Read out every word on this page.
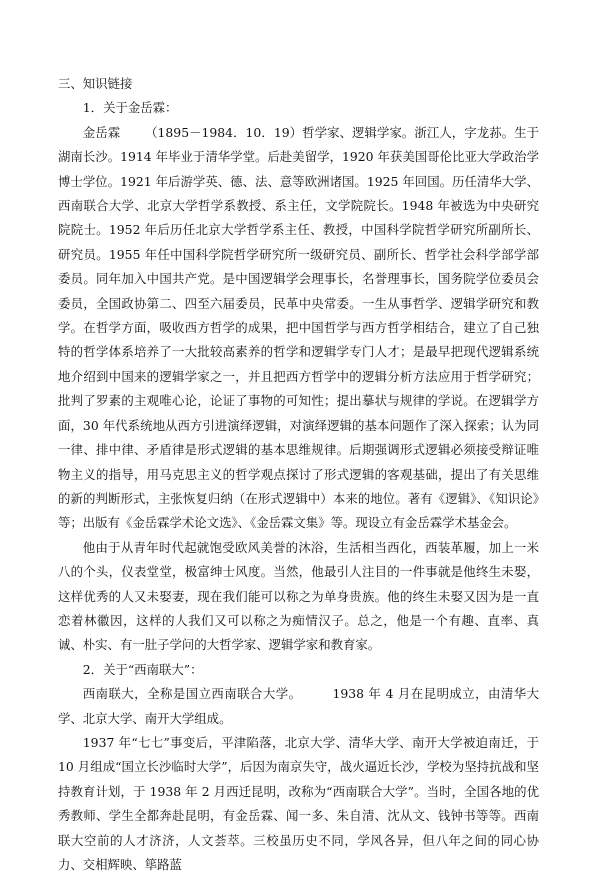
三、知识链接

1．关于金岳霖：

金岳霖 （1895－1984．10．19）哲学家、逻辑学家。浙江人，字龙荪。生于湖南长沙。1914 年毕业于清华学堂。后赴美留学，1920 年获美国哥伦比亚大学政治学博士学位。1921 年后游学英、德、法、意等欧洲诸国。1925 年回国。历任清华大学、西南联合大学、北京大学哲学系教授、系主任，文学院院长。1948 年被选为中央研究院院士。1952 年后历任北京大学哲学系主任、教授，中国科学院哲学研究所副所长、研究员。1955 年任中国科学院哲学研究所一级研究员、副所长、哲学社会科学部学部委员。同年加入中国共产党。是中国逻辑学会理事长，名誉理事长，国务院学位委员会委员，全国政协第二、四至六届委员，民革中央常委。一生从事哲学、逻辑学研究和教学。在哲学方面，吸收西方哲学的成果，把中国哲学与西方哲学相结合，建立了自己独特的哲学体系培养了一大批较高素养的哲学和逻辑学专门人才；是最早把现代逻辑系统地介绍到中国来的逻辑学家之一，并且把西方哲学中的逻辑分析方法应用于哲学研究；批判了罗素的主观唯心论，论证了事物的可知性；提出摹状与规律的学说。在逻辑学方面，30 年代系统地从西方引进演绎逻辑，对演绎逻辑的基本问题作了深入探索；认为同一律、排中律、矛盾律是形式逻辑的基本思维规律。后期强调形式逻辑必须接受辩证唯物主义的指导，用马克思主义的哲学观点探讨了形式逻辑的客观基础，提出了有关思维的新的判断形式，主张恢复归纳（在形式逻辑中）本来的地位。著有《逻辑》、《知识论》等；出版有《金岳霖学术论文选》、《金岳霖文集》等。现设立有金岳霖学术基金会。

他由于从青年时代起就饱受欧风美誉的沐浴，生活相当西化，西装革履，加上一米八的个头，仪表堂堂，极富绅士风度。当然，他最引人注目的一件事就是他终生未娶，这样优秀的人又未娶妻，现在我们能可以称之为单身贵族。他的终生未娶又因为是一直恋着林徽因，这样的人我们又可以称之为痴情汉子。总之，他是一个有趣、直率、真诚、朴实、有一肚子学问的大哲学家、逻辑学家和教育家。

2．关于“西南联大”：

西南联大，全称是国立西南联合大学。	1938 年 4 月在昆明成立，由清华大学、北京大学、南开大学组成。

1937 年“七七”事变后，平津陷落，北京大学、清华大学、南开大学被迫南迁，于 10 月组成“国立长沙临时大学”，后因为南京失守，战火逼近长沙，学校为坚持抗战和坚持教育计划，于 1938 年 2 月西迁昆明，改称为“西南联合大学”。当时，全国各地的优秀教师、学生全都奔赴昆明，有金岳霖、闻一多、朱自清、沈从文、钱钟书等等。西南联大空前的人才济济，人文荟萃。三校虽历史不同，学风各异，但八年之间的同心协力、交相辉映、筚路蓝
